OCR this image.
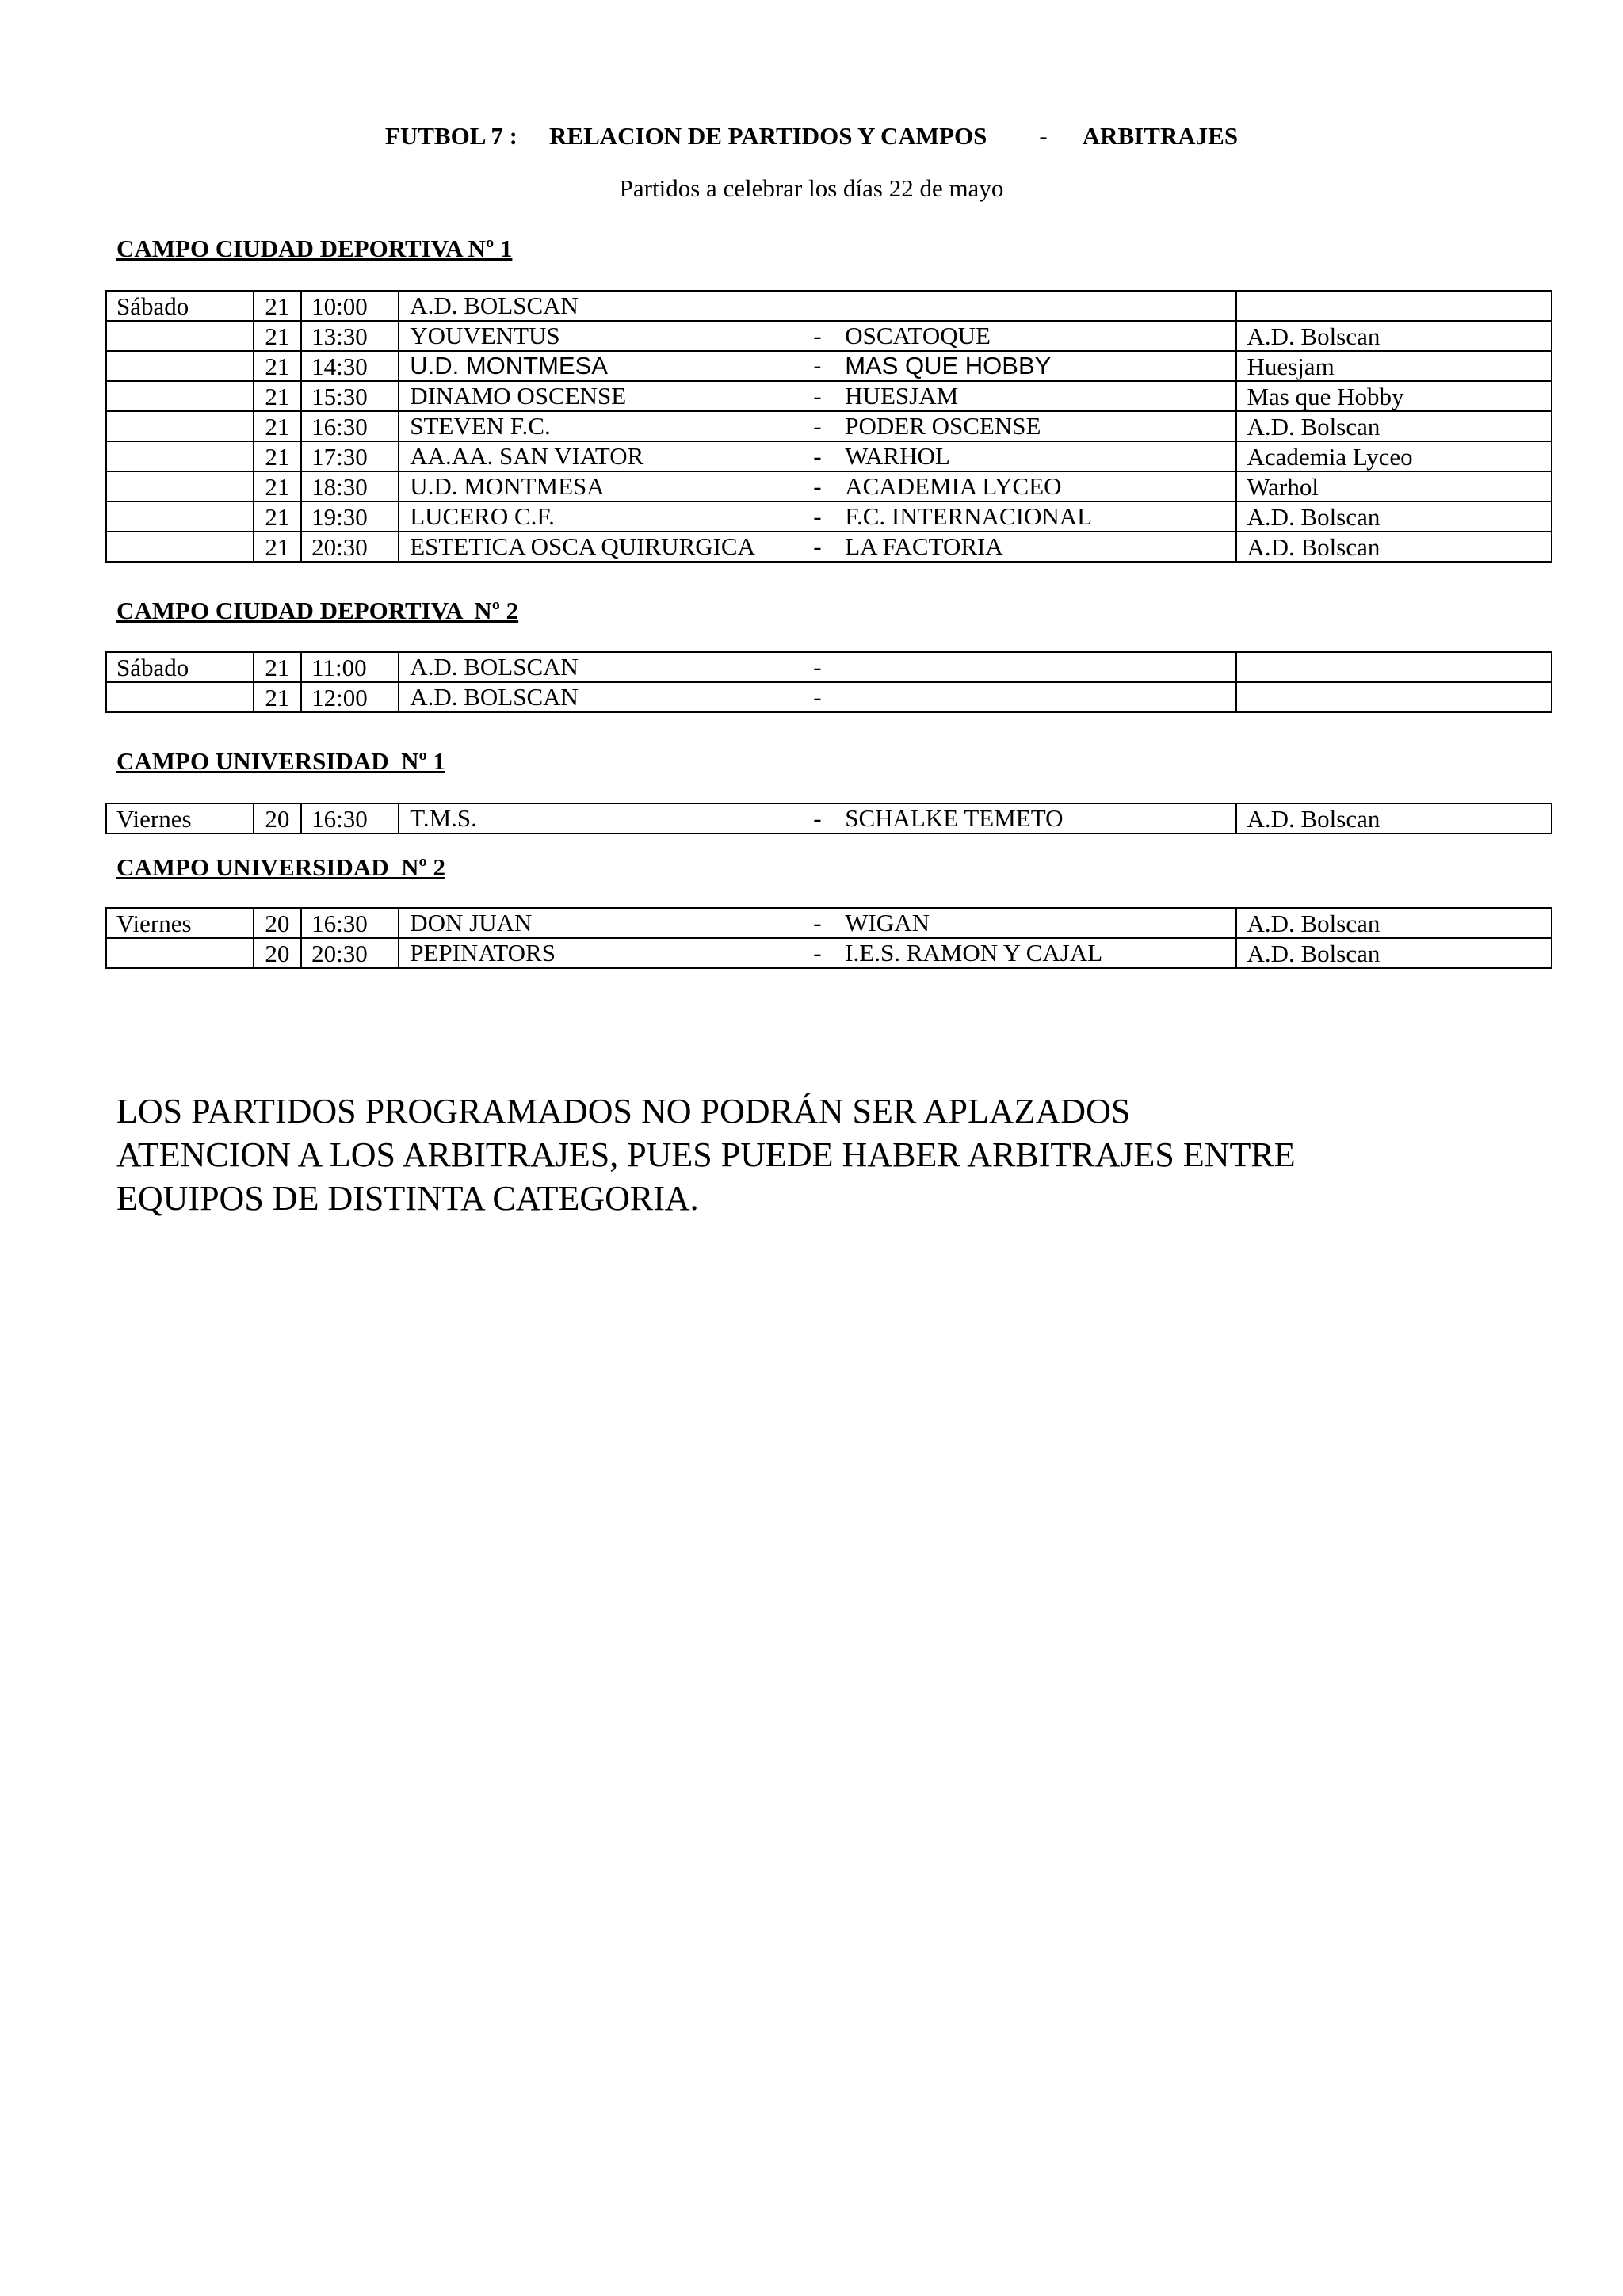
FUTBOL 7 : RELACION DE PARTIDOS Y CAMPOS - ARBITRAJES
Partidos a celebrar los días 22 de mayo
CAMPO CIUDAD DEPORTIVA Nº 1
Sábado	21	10:00	A.D. BOLSCAN	

	21	13:30	YOUVENTUS - OSCATOQUE	A.D. Bolscan
	21	14:30	U.D. MONTMESA - MAS QUE HOBBY	Huesjam
	21	15:30	DINAMO OSCENSE - HUESJAM	Mas que Hobby
	21	16:30	STEVEN F.C. - PODER OSCENSE	A.D. Bolscan
	21	17:30	AA.AA. SAN VIATOR - WARHOL	Academia Lyceo
	21	18:30	U.D. MONTMESA - ACADEMIA LYCEO	Warhol
	21	19:30	LUCERO C.F. - F.C. INTERNACIONAL	A.D. Bolscan
	21	20:30	ESTETICA OSCA QUIRURGICA - LA FACTORIA	A.D. Bolscan
CAMPO CIUDAD DEPORTIVA  Nº 2
Sábado	21	11:00	A.D. BOLSCAN -	

	21	12:00	A.D. BOLSCAN -	

CAMPO UNIVERSIDAD  Nº 1
Viernes	20	16:30	T.M.S.	- SCHALKE TEMETO	A.D. Bolscan
CAMPO UNIVERSIDAD  Nº 2
Viernes	20	16:30	DON JUAN - WIGAN	A.D. Bolscan
	20	20:30	PEPINATORS - I.E.S. RAMON Y CAJAL	A.D. Bolscan
LOS PARTIDOS PROGRAMADOS NO PODRÁN SER APLAZADOS
ATENCION A LOS ARBITRAJES, PUES PUEDE HABER ARBITRAJES ENTRE
EQUIPOS DE DISTINTA CATEGORIA.
